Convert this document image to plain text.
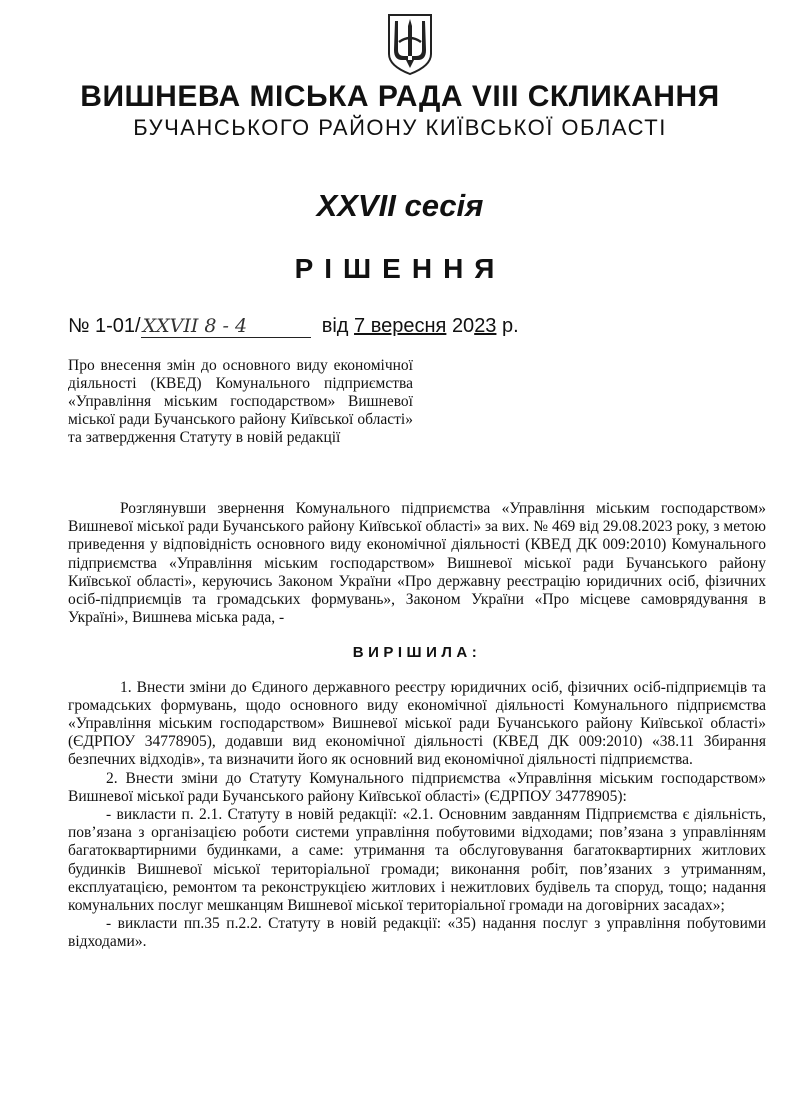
ВИШНЕВА МІСЬКА РАДА VIII СКЛИКАННЯ
БУЧАНСЬКОГО РАЙОНУ КИЇВСЬКОЇ ОБЛАСТІ
XXVII сесія
РІШЕННЯ
№ 1-01/ XXVII 8 - 4	від 7 вересня 2023 р.
Про внесення змін до основного виду економічної діяльності (КВЕД) Комунального підприємства «Управління міським господарством» Вишневої міської ради Бучанського району Київської області» та затвердження Статуту в новій редакції

Розглянувши звернення Комунального підприємства «Управління міським господарством» Вишневої міської ради Бучанського району Київської області» за вих. № 469 від 29.08.2023 року, з метою приведення у відповідність основного виду економічної діяльності (КВЕД ДК 009:2010) Комунального підприємства «Управління міським господарством» Вишневої міської ради Бучанського району Київської області», керуючись Законом України «Про державну реєстрацію юридичних осіб, фізичних осіб-підприємців та громадських формувань», Законом України «Про місцеве самоврядування в Україні», Вишнева міська рада, -

ВИРІШИЛА:

1. Внести зміни до Єдиного державного реєстру юридичних осіб, фізичних осіб-підприємців та громадських формувань, щодо основного виду економічної діяльності Комунального підприємства «Управління міським господарством» Вишневої міської ради Бучанського району Київської області» (ЄДРПОУ 34778905), додавши вид економічної діяльності (КВЕД ДК 009:2010) «38.11 Збирання безпечних відходів», та визначити його як основний вид економічної діяльності підприємства.

2. Внести зміни до Статуту Комунального підприємства «Управління міським господарством» Вишневої міської ради Бучанського району Київської області» (ЄДРПОУ 34778905):

- викласти п. 2.1. Статуту в новій редакції: «2.1. Основним завданням Підприємства є діяльність, пов’язана з організацією роботи системи управління побутовими відходами; пов’язана з управлінням багатоквартирними будинками, а саме: утримання та обслуговування багатоквартирних житлових будинків Вишневої міської територіальної громади; виконання робіт, пов’язаних з утриманням, експлуатацією, ремонтом та реконструкцією житлових і нежитлових будівель та споруд, тощо; надання комунальних послуг мешканцям Вишневої міської територіальної громади на договірних засадах»;

- викласти пп.35 п.2.2. Статуту в новій редакції: «35) надання послуг з управління побутовими відходами».
